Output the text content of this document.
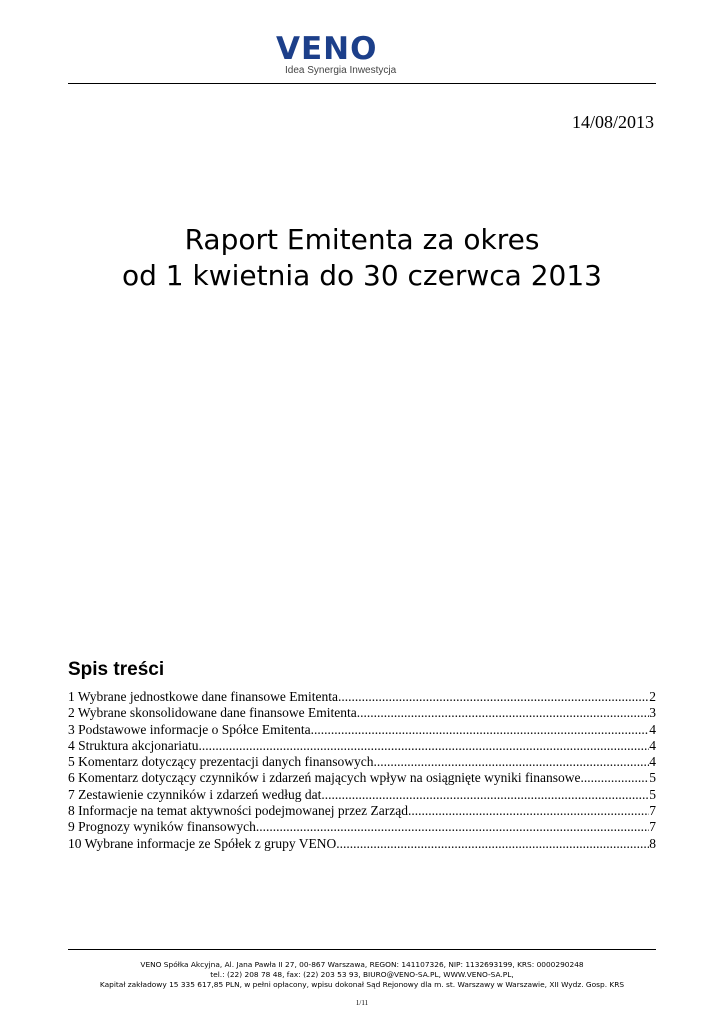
VENO
Idea Synergia Inwestycja
14/08/2013
Raport Emitenta za okres
od 1 kwietnia do 30 czerwca 2013
Spis treści
1 Wybrane jednostkowe dane finansowe Emitenta .....	2
2 Wybrane skonsolidowane dane finansowe Emitenta .....	3
3 Podstawowe informacje o Spółce Emitenta .....	4
4 Struktura akcjonariatu .....	4
5 Komentarz dotyczący prezentacji danych finansowych .....	4
6 Komentarz dotyczący czynników i zdarzeń mających wpływ na osiągnięte wyniki finansowe .....	5
7 Zestawienie czynników i zdarzeń według dat .....	5
8 Informacje na temat aktywności podejmowanej przez Zarząd .....	7
9 Prognozy wyników finansowych .....	7
10 Wybrane informacje ze Spółek z grupy VENO .....	8
VENO Spółka Akcyjna, Al. Jana Pawła II 27, 00-867 Warszawa, REGON: 141107326, NIP: 1132693199, KRS: 0000290248
tel.: (22) 208 78 48, fax: (22) 203 53 93, BIURO@VENO-SA.PL, WWW.VENO-SA.PL,
Kapitał zakładowy 15 335 617,85 PLN, w pełni opłacony, wpisu dokonał Sąd Rejonowy dla m. st. Warszawy w Warszawie, XII Wydz. Gosp. KRS
1/11
